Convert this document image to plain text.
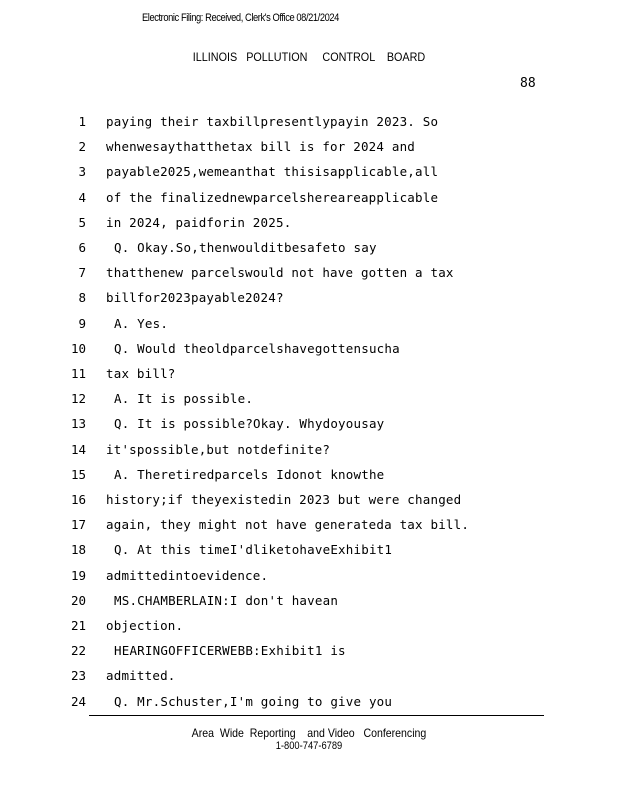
Electronic Filing: Received, Clerk's Office 08/21/2024
ILLINOIS   POLLUTION     CONTROL    BOARD
88
1 paying their taxbillpresentlypayin 2023. So
2 whenwesaythatthetax bill is for 2024 and
3 payable2025,wemeanthat thisisapplicable,all
4 of the finalizednewparcelshereareapplicable
5 in 2024, paidforin 2025.
6 Q. Okay.So,thenwoulditbesafeto say
7 thatthenew parcelswould not have gotten a tax
8 billfor2023payable2024?
9 A. Yes.
10 Q. Would theoldparcelshavegottensucha
11 tax bill?
12 A. It is possible.
13 Q. It is possible?Okay. Whydoyousay
14 it'spossible,but notdefinite?
15 A. Theretiredparcels Idonot knowthe
16 history;if theyexistedin 2023 but were changed
17 again, they might not have generateda tax bill.
18 Q. At this timeI'dliketohaveExhibit1
19 admittedintoevidence.
20 MS.CHAMBERLAIN:I don't havean
21 objection.
22 HEARINGOFFICERWEBB:Exhibit1 is
23 admitted.
24 Q. Mr.Schuster,I'm going to give you
Area  Wide  Reporting    and Video   Conferencing
1-800-747-6789
